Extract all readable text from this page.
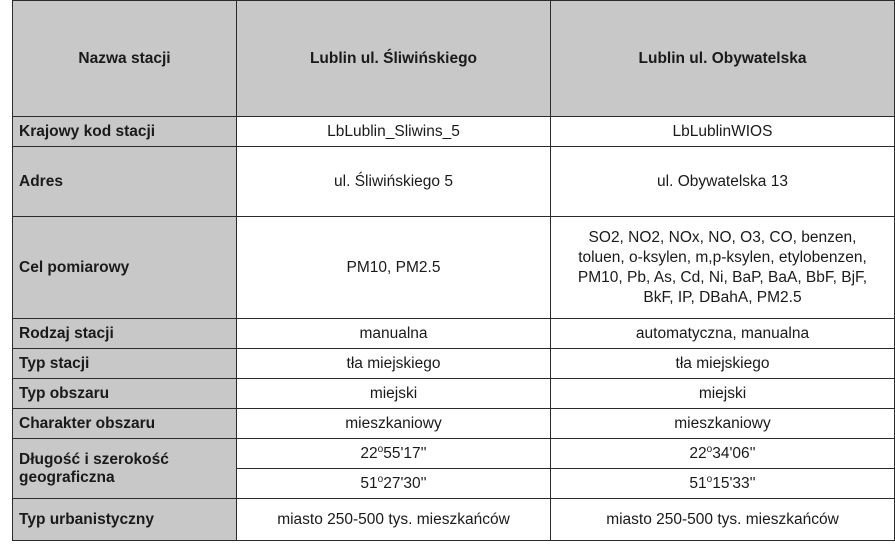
Nazwa stacji	Lublin ul. Śliwińskiego	Lublin ul. Obywatelska
Krajowy kod stacji	LbLublin_Sliwins_5	LbLublinWIOS
Adres	ul. Śliwińskiego 5	ul. Obywatelska 13
Cel pomiarowy	PM10, PM2.5	SO2, NO2, NOx, NO, O3, CO, benzen,
toluen, o-ksylen, m,p-ksylen, etylobenzen,
PM10, Pb, As, Cd, Ni, BaP, BaA, BbF, BjF,
BkF, IP, DBahA, PM2.5

Rodzaj stacji	manualna	automatyczna, manualna
Typ stacji	tła miejskiego	tła miejskiego
Typ obszaru	miejski	miejski
Charakter obszaru	mieszkaniowy	mieszkaniowy
Długość i szerokość geograficzna	22$^o$55'17''	22$^o$34'06''
	51$^o$27'30''	51$^o$15'33''
Typ urbanistyczny	miasto 250-500 tys. mieszkańców	miasto 250-500 tys. mieszkańców
